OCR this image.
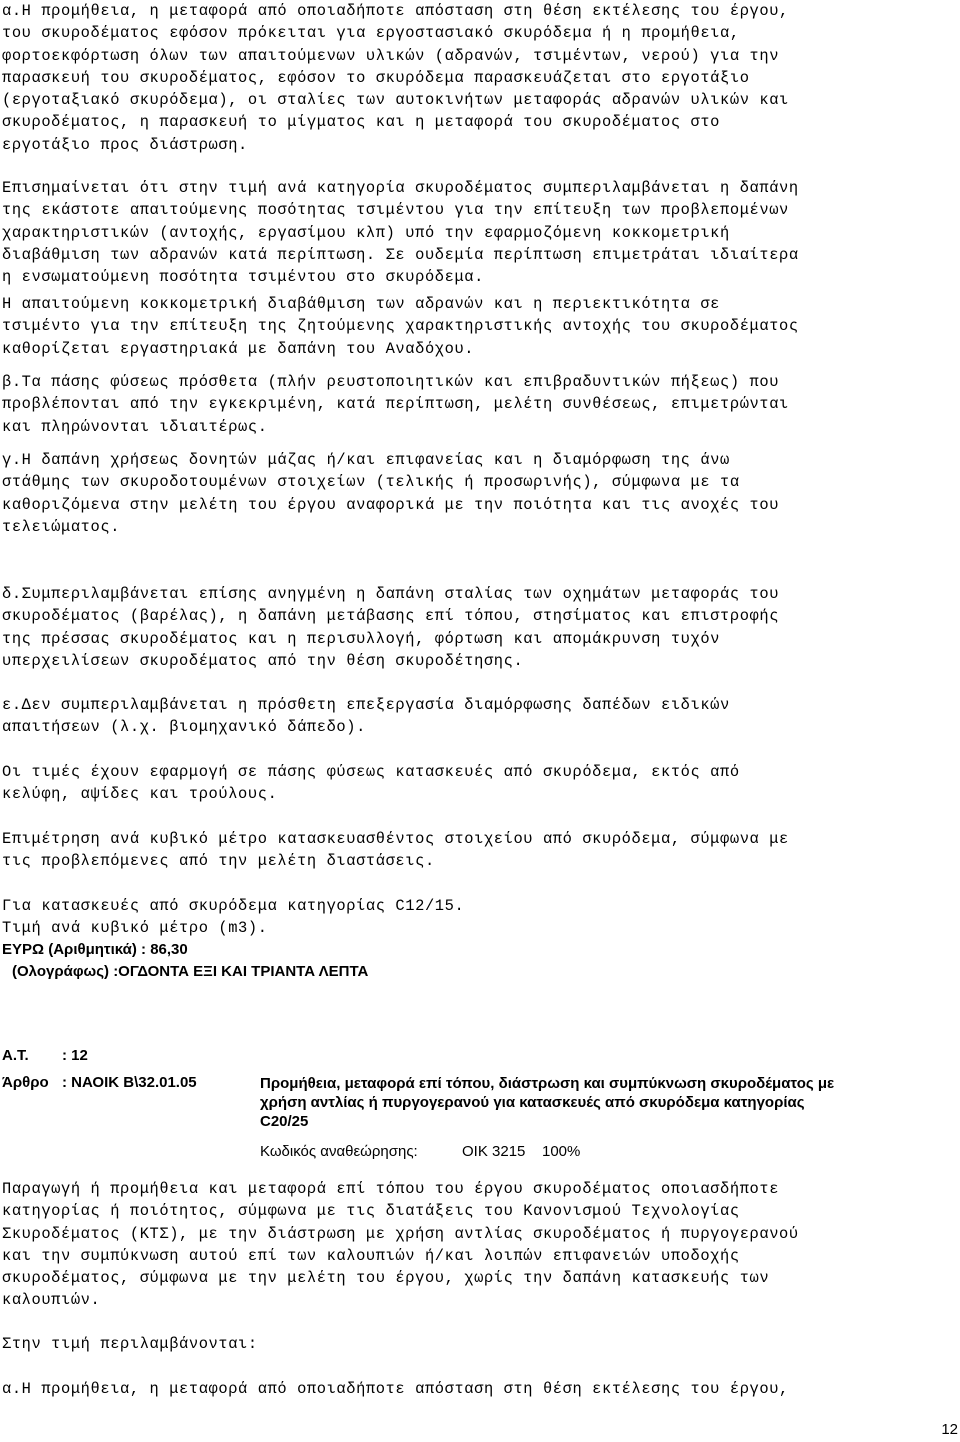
α.Η προμήθεια, η μεταφορά από οποιαδήποτε απόσταση στη θέση εκτέλεσης του έργου,
του σκυροδέματος εφόσον πρόκειται για εργοστασιακό σκυρόδεμα ή η προμήθεια,
φορτοεκφόρτωση όλων των απαιτούμενων υλικών (αδρανών, τσιμέντων, νερού) για την
παρασκευή του σκυροδέματος, εφόσον το σκυρόδεμα παρασκευάζεται στο εργοτάξιο
(εργοταξιακό σκυρόδεμα), οι σταλίες των αυτοκινήτων μεταφοράς αδρανών υλικών και
σκυροδέματος, η παρασκευή το μίγματος και η μεταφορά του σκυροδέματος στο
εργοτάξιο προς διάστρωση.
Επισημαίνεται ότι στην τιμή ανά κατηγορία σκυροδέματος συμπεριλαμβάνεται η δαπάνη
της εκάστοτε απαιτούμενης ποσότητας τσιμέντου για την επίτευξη των προβλεπομένων
χαρακτηριστικών (αντοχής, εργασίμου κλπ) υπό την εφαρμοζόμενη κοκκομετρική
διαβάθμιση των αδρανών κατά περίπτωση. Σε ουδεμία περίπτωση επιμετράται ιδιαίτερα
η ενσωματούμενη ποσότητα τσιμέντου στο σκυρόδεμα.
Η απαιτούμενη κοκκομετρική διαβάθμιση των αδρανών και η περιεκτικότητα σε
τσιμέντο για την επίτευξη της ζητούμενης χαρακτηριστικής αντοχής του σκυροδέματος
καθορίζεται εργαστηριακά με δαπάνη του Αναδόχου.
β.Τα πάσης φύσεως πρόσθετα (πλήν ρευστοποιητικών και επιβραδυντικών πήξεως) που
προβλέπονται από την εγκεκριμένη, κατά περίπτωση, μελέτη συνθέσεως, επιμετρώνται
και πληρώνονται ιδιαιτέρως.
γ.Η δαπάνη χρήσεως δονητών μάζας ή/και επιφανείας και η διαμόρφωση της άνω
στάθμης των σκυροδοτουμένων στοιχείων (τελικής ή προσωρινής), σύμφωνα με τα
καθοριζόμενα στην μελέτη του έργου αναφορικά με την ποιότητα και τις ανοχές του
τελειώματος.
δ.Συμπεριλαμβάνεται επίσης ανηγμένη η δαπάνη σταλίας των οχημάτων μεταφοράς του
σκυροδέματος (βαρέλας), η δαπάνη μετάβασης επί τόπου, στησίματος και επιστροφής
της πρέσσας σκυροδέματος και η περισυλλογή, φόρτωση και απομάκρυνση τυχόν
υπερχειλίσεων σκυροδέματος από την θέση σκυροδέτησης.
ε.Δεν συμπεριλαμβάνεται η πρόσθετη επεξεργασία διαμόρφωσης δαπέδων ειδικών
απαιτήσεων (λ.χ. βιομηχανικό δάπεδο).
Οι τιμές έχουν εφαρμογή σε πάσης φύσεως κατασκευές από σκυρόδεμα, εκτός από
κελύφη, αψίδες και τρούλους.
Επιμέτρηση ανά κυβικό μέτρο κατασκευασθέντος στοιχείου από σκυρόδεμα, σύμφωνα με
τις προβλεπόμενες από την μελέτη διαστάσεις.
Για κατασκευές από σκυρόδεμα κατηγορίας C12/15.
Τιμή ανά κυβικό μέτρο (m3).
ΕΥΡΩ (Αριθμητικά) : 86,30
(Ολογράφως) :ΟΓΔΟΝΤΑ ΕΞΙ ΚΑΙ ΤΡΙΑΝΤΑ ΛΕΠΤΑ
Α.Τ. : 12
Άρθρο : ΝΑΟΙΚ Β\32.01.05	Προμήθεια, μεταφορά επί τόπου, διάστρωση και συμπύκνωση σκυροδέματος με
χρήση αντλίας ή πυργογερανού για κατασκευές από σκυρόδεμα κατηγορίας
C20/25
Κωδικός αναθεώρησης:	ΟΙΚ 3215 100%
Παραγωγή ή προμήθεια και μεταφορά επί τόπου του έργου σκυροδέματος οποιασδήποτε
κατηγορίας ή ποιότητος, σύμφωνα με τις διατάξεις του Κανονισμού Τεχνολογίας
Σκυροδέματος (ΚΤΣ), με την διάστρωση με χρήση αντλίας σκυροδέματος ή πυργογερανού
και την συμπύκνωση αυτού επί των καλουπιών ή/και λοιπών επιφανειών υποδοχής
σκυροδέματος, σύμφωνα με την μελέτη του έργου, χωρίς την δαπάνη κατασκευής των
καλουπιών.
Στην τιμή περιλαμβάνονται:
α.Η προμήθεια, η μεταφορά από οποιαδήποτε απόσταση στη θέση εκτέλεσης του έργου,
12
